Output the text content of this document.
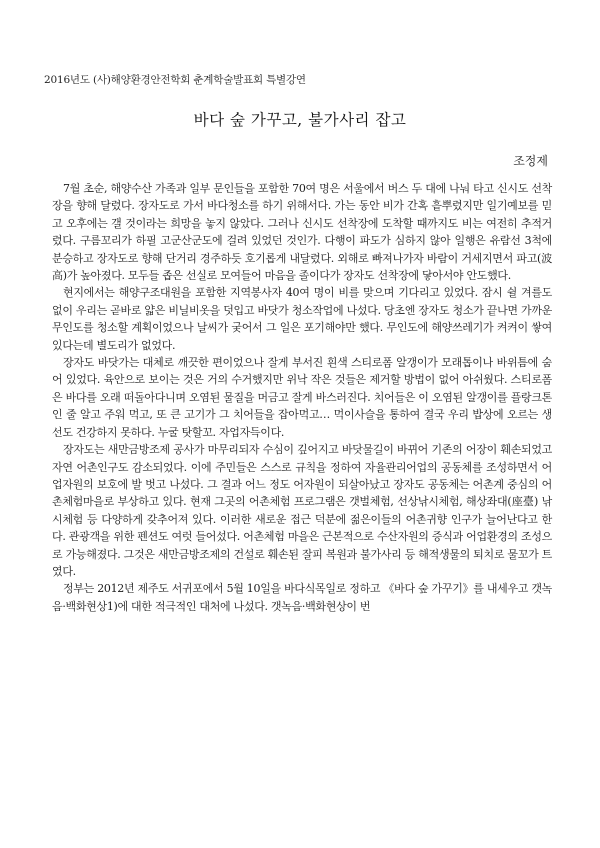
2016년도 (사)해양환경안전학회 춘계학술발표회 특별강연
바다 숲 가꾸고, 불가사리 잡고
조정제

7월 초순, 해양수산 가족과 일부 문인들을 포함한 70여 명은 서울에서 버스 두 대에 나눠 타고 신시도 선착장을 향해 달렸다. 장자도로 가서 바다청소를 하기 위해서다. 가는 동안 비가 간혹 흩뿌렸지만 일기예보를 믿고 오후에는 갤 것이라는 희망을 놓지 않았다. 그러나 신시도 선착장에 도착할 때까지도 비는 여전히 추적거렸다. 구름꼬리가 하필 고군산군도에 걸려 있었던 것인가. 다행이 파도가 심하지 않아 일행은 유람선 3척에 분승하고 장자도로 향해 단거리 경주하듯 호기롭게 내달렸다. 외해로 빠져나가자 바람이 거세지면서 파고(波高)가 높아졌다. 모두들 좁은 선실로 모여들어 마음을 졸이다가 장자도 선착장에 닿아서야 안도했다.

현지에서는 해양구조대원을 포함한 지역봉사자 40여 명이 비를 맞으며 기다리고 있었다. 잠시 쉴 겨를도 없이 우리는 곧바로 얇은 비닐비옷을 덧입고 바닷가 청소작업에 나섰다. 당초엔 장자도 청소가 끝나면 가까운 무인도를 청소할 계획이었으나 날씨가 궂어서 그 일은 포기해야만 했다. 무인도에 해양쓰레기가 켜켜이 쌓여 있다는데 별도리가 없었다.

장자도 바닷가는 대체로 깨끗한 편이었으나 잘게 부서진 흰색 스티로폼 알갱이가 모래톱이나 바위틈에 숨어 있었다. 육안으로 보이는 것은 거의 수거했지만 위낙 작은 것들은 제거할 방법이 없어 아쉬웠다. 스티로폼은 바다를 오래 떠돌아다니며 오염된 물질을 머금고 잘게 바스러진다. 치어들은 이 오염된 알갱이를 플랑크톤인 줄 알고 주워 먹고, 또 큰 고기가 그 치어들을 잡아먹고… 먹이사슬을 통하여 결국 우리 밥상에 오르는 생선도 건강하지 못하다. 누굴 탓할꼬. 자업자득이다.

장자도는 새만금방조제 공사가 마무리되자 수심이 깊어지고 바닷물길이 바뀌어 기존의 어장이 훼손되었고 자연 어촌인구도 감소되었다. 이에 주민들은 스스로 규칙을 정하여 자율관리어업의 공동체를 조성하면서 어업자원의 보호에 발 벗고 나섰다. 그 결과 어느 정도 어자원이 되살아났고 장자도 공동체는 어촌계 중심의 어촌체험마을로 부상하고 있다. 현재 그곳의 어촌체험 프로그램은 갯벌체험, 선상낚시체험, 해상좌대(座臺) 낚시체험 등 다양하게 갖추어져 있다. 이러한 새로운 접근 덕분에 젊은이들의 어촌귀향 인구가 늘어난다고 한다. 관광객을 위한 펜션도 여럿 들어섰다. 어촌체험 마을은 근본적으로 수산자원의 증식과 어업환경의 조성으로 가능해졌다. 그것은 새만금방조제의 건설로 훼손된 잘피 복원과 불가사리 등 해적생물의 퇴치로 물꼬가 트였다.

정부는 2012년 제주도 서귀포에서 5월 10일을 바다식목일로 정하고 《바다 숲 가꾸기》를 내세우고 갯녹음·백화현상1)에 대한 적극적인 대처에 나섰다. 갯녹음·백화현상이 번
